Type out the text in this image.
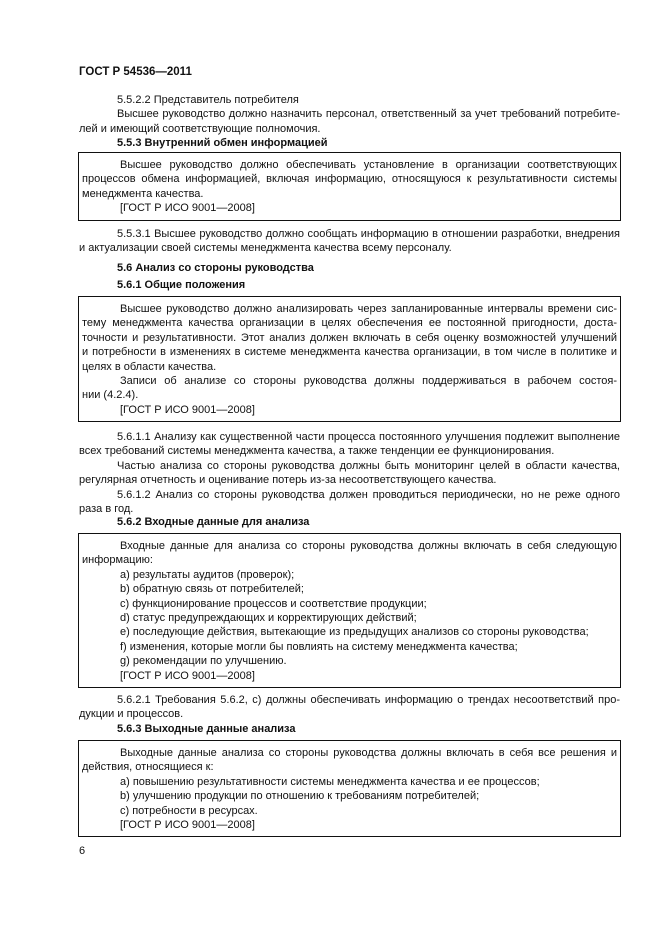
ГОСТ Р 54536—2011
5.5.2.2 Представитель потребителя
Высшее руководство должно назначить персонал, ответственный за учет требований потребите-
лей и имеющий соответствующие полномочия.
5.5.3 Внутренний обмен информацией
Высшее руководство должно обеспечивать установление в организации соответствующих
процессов обмена информацией, включая информацию, относящуюся к результативности системы
менеджмента качества.
[ГОСТ Р ИСО 9001—2008]
5.5.3.1 Высшее руководство должно сообщать информацию в отношении разработки, внедрения
и актуализации своей системы менеджмента качества всему персоналу.
5.6 Анализ со стороны руководства
5.6.1 Общие положения
Высшее руководство должно анализировать через запланированные интервалы времени сис-
тему менеджмента качества организации в целях обеспечения ее постоянной пригодности, доста-
точности и результативности. Этот анализ должен включать в себя оценку возможностей улучшений
и потребности в изменениях в системе менеджмента качества организации, в том числе в политике и
целях в области качества.
Записи об анализе со стороны руководства должны поддерживаться в рабочем состоя-
нии (4.2.4).
[ГОСТ Р ИСО 9001—2008]
5.6.1.1 Анализу как существенной части процесса постоянного улучшения подлежит выполнение
всех требований системы менеджмента качества, а также тенденции ее функционирования.
Частью анализа со стороны руководства должны быть мониторинг целей в области качества,
регулярная отчетность и оценивание потерь из-за несоответствующего качества.
5.6.1.2 Анализ со стороны руководства должен проводиться периодически, но не реже одного
раза в год.
5.6.2 Входные данные для анализа
Входные данные для анализа со стороны руководства должны включать в себя следующую
информацию:
a) результаты аудитов (проверок);
b) обратную связь от потребителей;
c) функционирование процессов и соответствие продукции;
d) статус предупреждающих и корректирующих действий;
e) последующие действия, вытекающие из предыдущих анализов со стороны руководства;
f) изменения, которые могли бы повлиять на систему менеджмента качества;
g) рекомендации по улучшению.
[ГОСТ Р ИСО 9001—2008]
5.6.2.1 Требования 5.6.2, c) должны обеспечивать информацию о трендах несоответствий про-
дукции и процессов.
5.6.3 Выходные данные анализа
Выходные данные анализа со стороны руководства должны включать в себя все решения и
действия, относящиеся к:
a) повышению результативности системы менеджмента качества и ее процессов;
b) улучшению продукции по отношению к требованиям потребителей;
c) потребности в ресурсах.
[ГОСТ Р ИСО 9001—2008]
6
